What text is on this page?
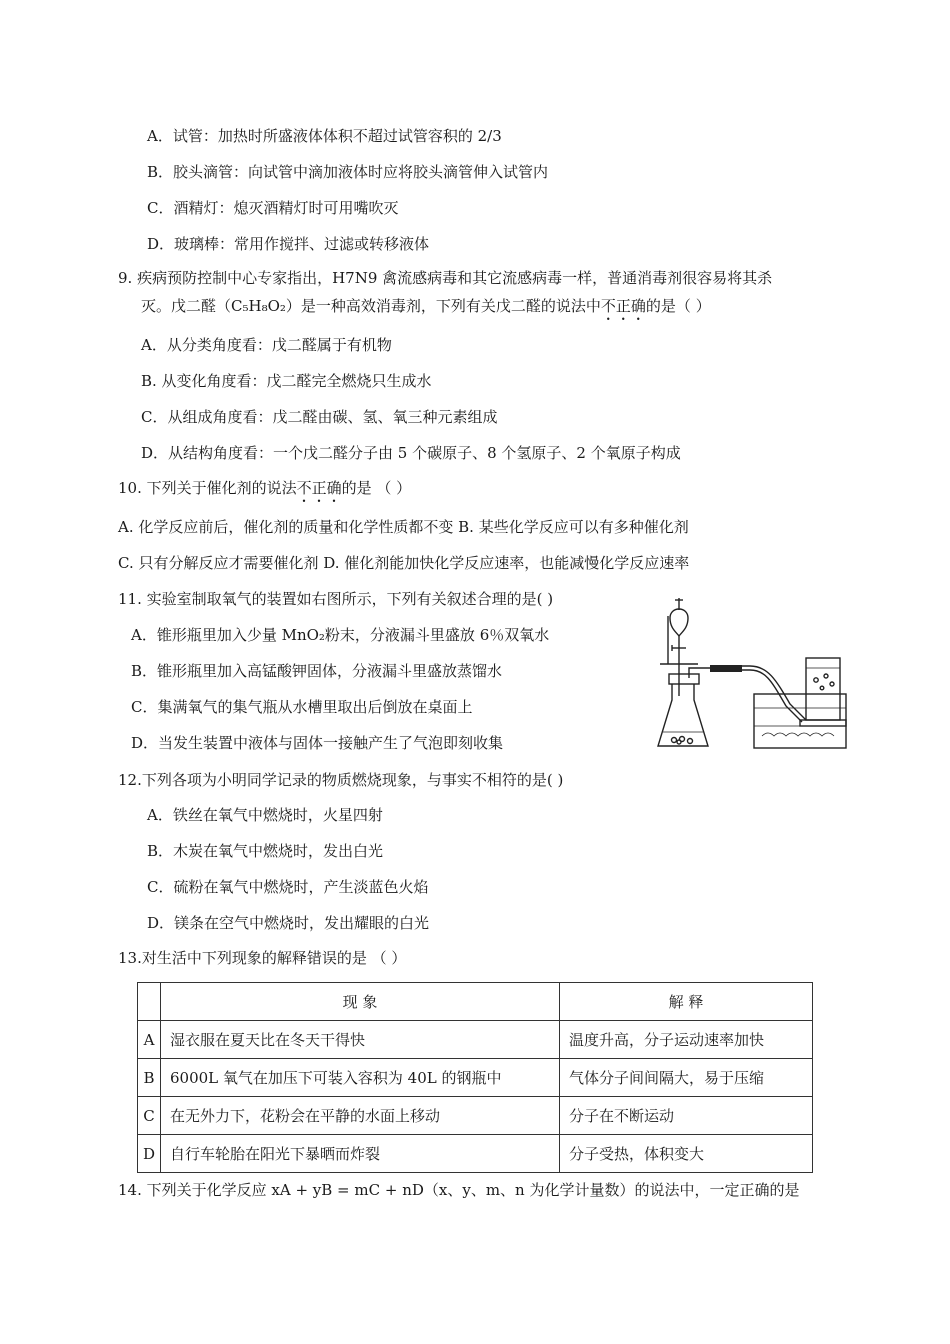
A．试管：加热时所盛液体体积不超过试管容积的 2/3
B．胶头滴管：向试管中滴加液体时应将胶头滴管伸入试管内
C．酒精灯：熄灭酒精灯时可用嘴吹灭
D．玻璃棒：常用作搅拌、过滤或转移液体
9. 疾病预防控制中心专家指出，H7N9 禽流感病毒和其它流感病毒一样，普通消毒剂很容易将其杀
灭。戊二醛（C₅H₈O₂）是一种高效消毒剂，下列有关戊二醛的说法中不正确的是（ ）
A．从分类角度看：戊二醛属于有机物
B. 从变化角度看：戊二醛完全燃烧只生成水
C．从组成角度看：戊二醛由碳、氢、氧三种元素组成
D．从结构角度看：一个戊二醛分子由 5 个碳原子、8 个氢原子、2 个氧原子构成
10. 下列关于催化剂的说法不正确的是 （ ）
A. 化学反应前后，催化剂的质量和化学性质都不变 B. 某些化学反应可以有多种催化剂
C. 只有分解反应才需要催化剂 D. 催化剂能加快化学反应速率，也能减慢化学反应速率
11. 实验室制取氧气的装置如右图所示，下列有关叙述合理的是( )
A．锥形瓶里加入少量 MnO₂粉末，分液漏斗里盛放 6％双氧水
B．锥形瓶里加入高锰酸钾固体，分液漏斗里盛放蒸馏水
C．集满氧气的集气瓶从水槽里取出后倒放在桌面上
D．当发生装置中液体与固体一接触产生了气泡即刻收集
12.下列各项为小明同学记录的物质燃烧现象，与事实不相符的是( )
A．铁丝在氧气中燃烧时，火星四射
B．木炭在氧气中燃烧时，发出白光
C．硫粉在氧气中燃烧时，产生淡蓝色火焰
D．镁条在空气中燃烧时，发出耀眼的白光
13.对生活中下列现象的解释错误的是 （ ）
	现 象	解 释
A	湿衣服在夏天比在冬天干得快	温度升高，分子运动速率加快
B	6000L 氧气在加压下可装入容积为 40L 的钢瓶中	气体分子间间隔大，易于压缩
C	在无外力下，花粉会在平静的水面上移动	分子在不断运动
D	自行车轮胎在阳光下暴晒而炸裂	分子受热，体积变大
14. 下列关于化学反应 xA + yB = mC + nD（x、y、m、n 为化学计量数）的说法中，一定正确的是
